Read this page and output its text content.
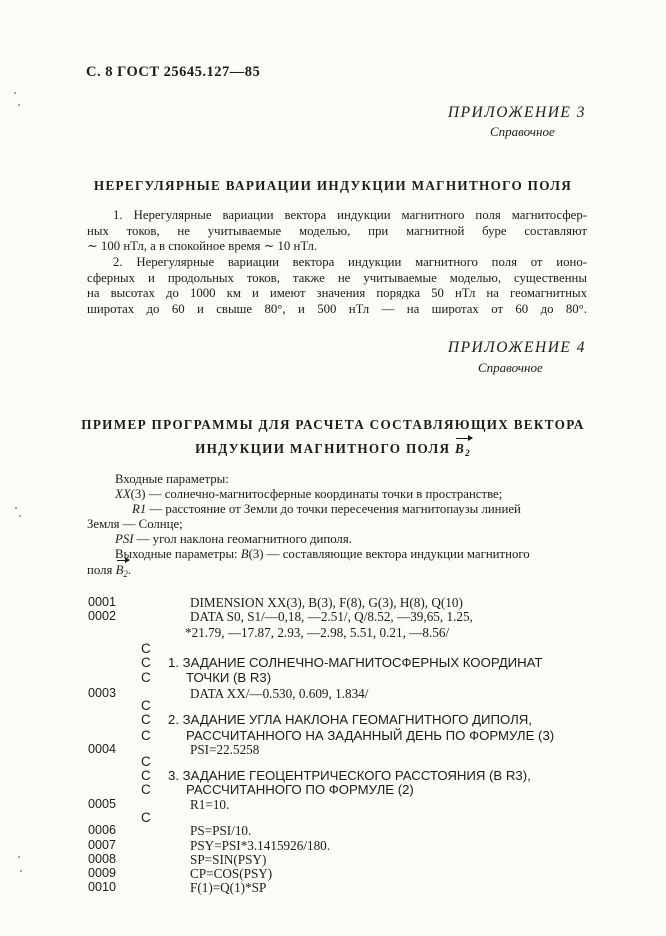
С. 8 ГОСТ 25645.127—85
ПРИЛОЖЕНИЕ 3
Справочное
НЕРЕГУЛЯРНЫЕ ВАРИАЦИИ ИНДУКЦИИ МАГНИТНОГО ПОЛЯ
1. Нерегулярные вариации вектора индукции магнитного поля магнитосфер-
ных токов, не учитываемые моделью, при магнитной буре составляют
∼ 100 нТл, а в спокойное время ∼ 10 нТл.
2. Нерегулярные вариации вектора индукции магнитного поля от ионо-
сферных и продольных токов, также не учитываемые моделью, существенны
на высотах до 1000 км и имеют значения порядка 50 нТл на геомагнитных
широтах до 60 и свыше 80°, и 500 нТл — на широтах от 60 до 80°.
ПРИЛОЖЕНИЕ 4
Справочное
ПРИМЕР ПРОГРАММЫ ДЛЯ РАСЧЕТА СОСТАВЛЯЮЩИХ ВЕКТОРА
ИНДУКЦИИ МАГНИТНОГО ПОЛЯ $B_2$
Входные параметры:
XX(3) — солнечно-магнитосферные координаты точки в пространстве;
R1 — расстояние от Земли до точки пересечения магнитопаузы линией
Земля — Солнце;
PSI — угол наклона геомагнитного диполя.
Выходные параметры: B(3) — составляющие вектора индукции магнитного
поля $B_2$.
0001	DIMENSION XX(3), B(3), F(8), G(3), H(8), Q(10)
0002	DATA S0, S1/—0,18, —2.51/, Q/8.52, —39,65, 1.25,
*21.79, —17.87, 2.93, —2.98, 5.51, 0.21, —8.56/
C
C 1. ЗАДАНИЕ СОЛНЕЧНО-МАГНИТОСФЕРНЫХ КООРДИНАТ
C	ТОЧКИ (В R3)
0003	DATA XX/—0.530, 0.609, 1.834/
C
C 2. ЗАДАНИЕ УГЛА НАКЛОНА ГЕОМАГНИТНОГО ДИПОЛЯ,
C	РАССЧИТАННОГО НА ЗАДАННЫЙ ДЕНЬ ПО ФОРМУЛЕ (3)
0004	PSI=22.5258
C
C 3. ЗАДАНИЕ ГЕОЦЕНТРИЧЕСКОГО РАССТОЯНИЯ (В R3),
C	РАССЧИТАННОГО ПО ФОРМУЛЕ (2)
0005	R1=10.
C
0006	PS=PSI/10.
0007	PSY=PSI*3.1415926/180.
0008	SP=SIN(PSY)
0009	CP=COS(PSY)
0010	F(1)=Q(1)*SP
